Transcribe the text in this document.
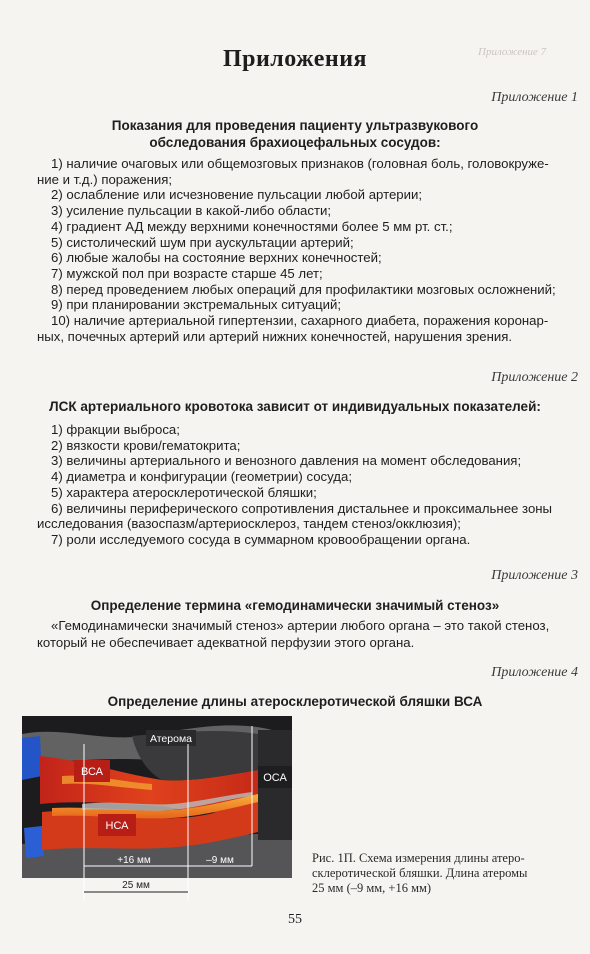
Приложение 7
Приложения
Приложение 1
Показания для проведения пациенту ультразвукового
обследования брахиоцефальных сосудов:
1) наличие очаговых или общемозговых признаков (головная боль, головокруже-
ние и т.д.) поражения;
2) ослабление или исчезновение пульсации любой артерии;
3) усиление пульсации в какой-либо области;
4) градиент АД между верхними конечностями более 5 мм рт. ст.;
5) систолический шум при аускультации артерий;
6) любые жалобы на состояние верхних конечностей;
7) мужской пол при возрасте старше 45 лет;
8) перед проведением любых операций для профилактики мозговых осложнений;
9) при планировании экстремальных ситуаций;
10) наличие артериальной гипертензии, сахарного диабета, поражения коронар-
ных, почечных артерий или артерий нижних конечностей, нарушения зрения.
Приложение 2
ЛСК артериального кровотока зависит от индивидуальных показателей:
1) фракции выброса;
2) вязкости крови/гематокрита;
3) величины артериального и венозного давления на момент обследования;
4) диаметра и конфигурации (геометрии) сосуда;
5) характера атеросклеротической бляшки;
6) величины периферического сопротивления дистальнее и проксимальнее зоны
исследования (вазоспазм/артериосклероз, тандем стеноз/окклюзия);
7) роли исследуемого сосуда в суммарном кровообращении органа.
Приложение 3
Определение термина «гемодинамически значимый стеноз»
«Гемодинамически значимый стеноз» артерии любого органа – это такой стеноз,
который не обеспечивает адекватной перфузии этого органа.
Приложение 4
Определение длины атеросклеротической бляшки ВСА
Атерома
ВСА	ОСА
НСА
+16 мм	–9 мм
25 мм
Рис. 1П. Схема измерения длины атеро-
склеротической бляшки. Длина атеромы
25 мм (–9 мм, +16 мм)
55
